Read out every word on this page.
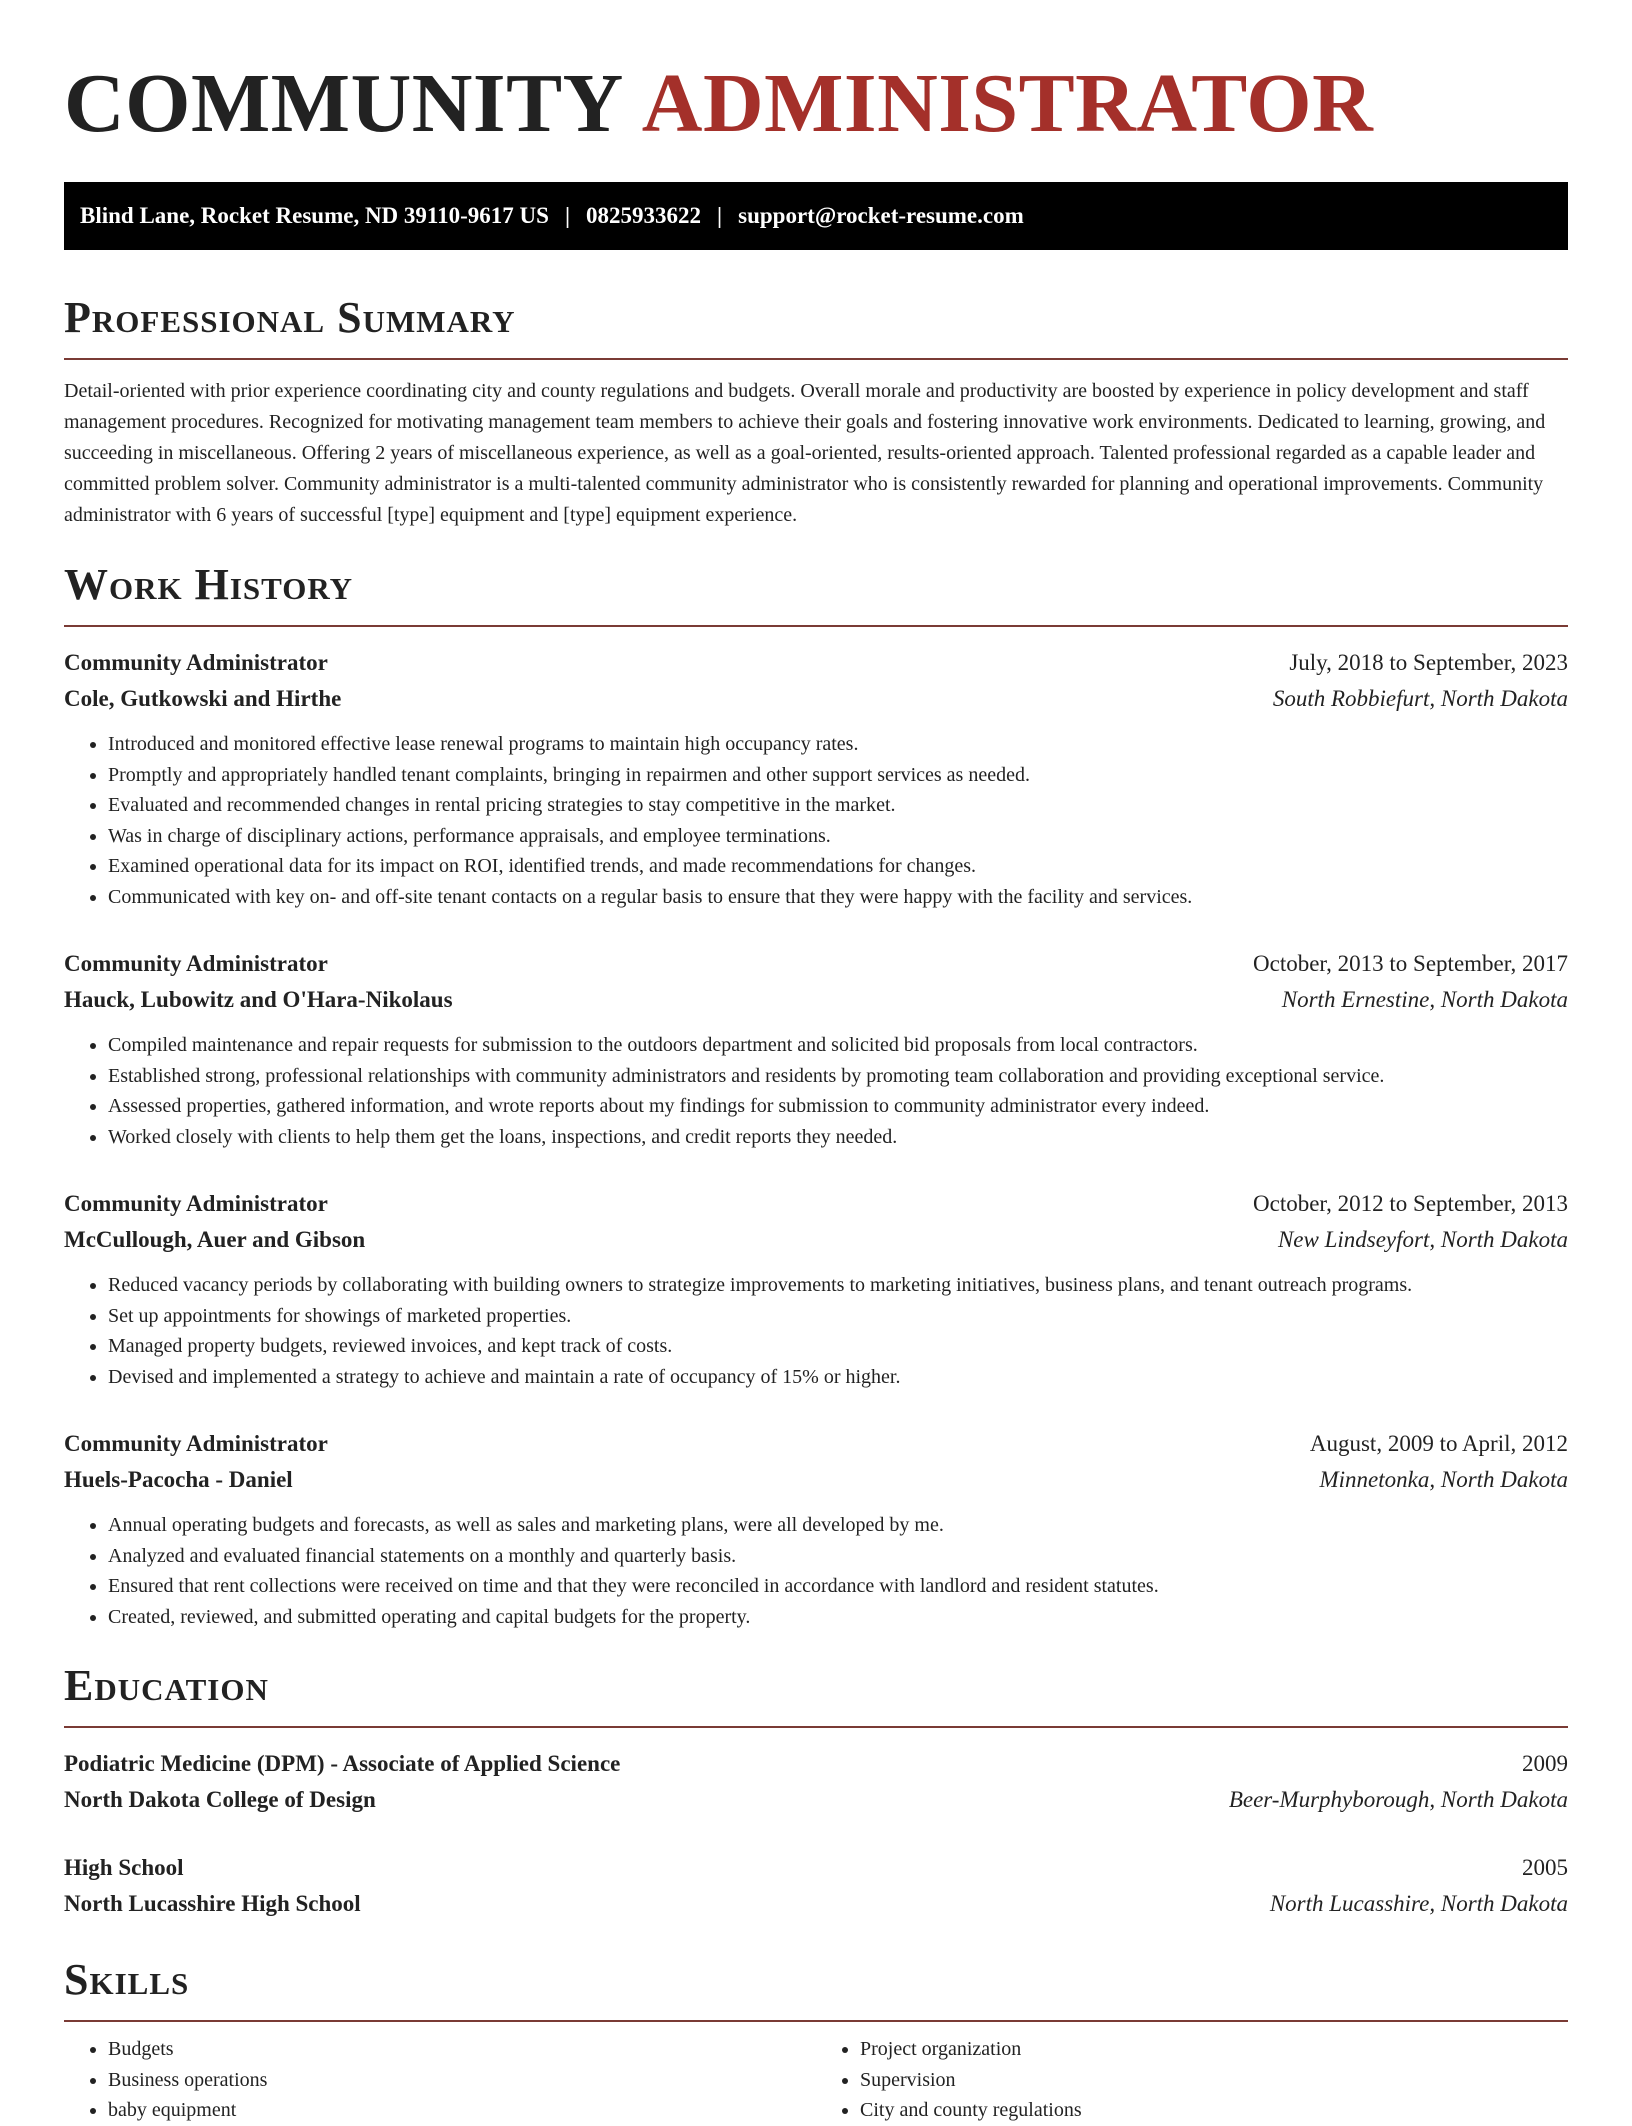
COMMUNITY ADMINISTRATOR
Blind Lane, Rocket Resume, ND 39110-9617 US | 0825933622 | support@rocket-resume.com
Professional Summary

Detail-oriented with prior experience coordinating city and county regulations and budgets. Overall morale and productivity are boosted by experience in policy development and staff management procedures. Recognized for motivating management team members to achieve their goals and fostering innovative work environments. Dedicated to learning, growing, and succeeding in miscellaneous. Offering 2 years of miscellaneous experience, as well as a goal-oriented, results-oriented approach. Talented professional regarded as a capable leader and committed problem solver. Community administrator is a multi-talented community administrator who is consistently rewarded for planning and operational improvements. Community administrator with 6 years of successful [type] equipment and [type] equipment experience.

Work History
Community Administrator	July, 2018 to September, 2023
Cole, Gutkowski and Hirthe	South Robbiefurt, North Dakota
• Introduced and monitored effective lease renewal programs to maintain high occupancy rates.
• Promptly and appropriately handled tenant complaints, bringing in repairmen and other support services as needed.
• Evaluated and recommended changes in rental pricing strategies to stay competitive in the market.
• Was in charge of disciplinary actions, performance appraisals, and employee terminations.
• Examined operational data for its impact on ROI, identified trends, and made recommendations for changes.
• Communicated with key on- and off-site tenant contacts on a regular basis to ensure that they were happy with the facility and services.
Community Administrator	October, 2013 to September, 2017
Hauck, Lubowitz and O'Hara-Nikolaus	North Ernestine, North Dakota
• Compiled maintenance and repair requests for submission to the outdoors department and solicited bid proposals from local contractors.
• Established strong, professional relationships with community administrators and residents by promoting team collaboration and providing exceptional service.
• Assessed properties, gathered information, and wrote reports about my findings for submission to community administrator every indeed.
• Worked closely with clients to help them get the loans, inspections, and credit reports they needed.
Community Administrator	October, 2012 to September, 2013
McCullough, Auer and Gibson	New Lindseyfort, North Dakota
• Reduced vacancy periods by collaborating with building owners to strategize improvements to marketing initiatives, business plans, and tenant outreach programs.
• Set up appointments for showings of marketed properties.
• Managed property budgets, reviewed invoices, and kept track of costs.
• Devised and implemented a strategy to achieve and maintain a rate of occupancy of 15% or higher.
Community Administrator	August, 2009 to April, 2012
Huels-Pacocha - Daniel	Minnetonka, North Dakota
• Annual operating budgets and forecasts, as well as sales and marketing plans, were all developed by me.
• Analyzed and evaluated financial statements on a monthly and quarterly basis.
• Ensured that rent collections were received on time and that they were reconciled in accordance with landlord and resident statutes.
• Created, reviewed, and submitted operating and capital budgets for the property.
Education
Podiatric Medicine (DPM) - Associate of Applied Science	2009
North Dakota College of Design	Beer-Murphyborough, North Dakota
High School	2005
North Lucasshire High School	North Lucasshire, North Dakota
Skills
• Budgets
• Business operations
• baby equipment
• Project organization
• Supervision
• City and county regulations
